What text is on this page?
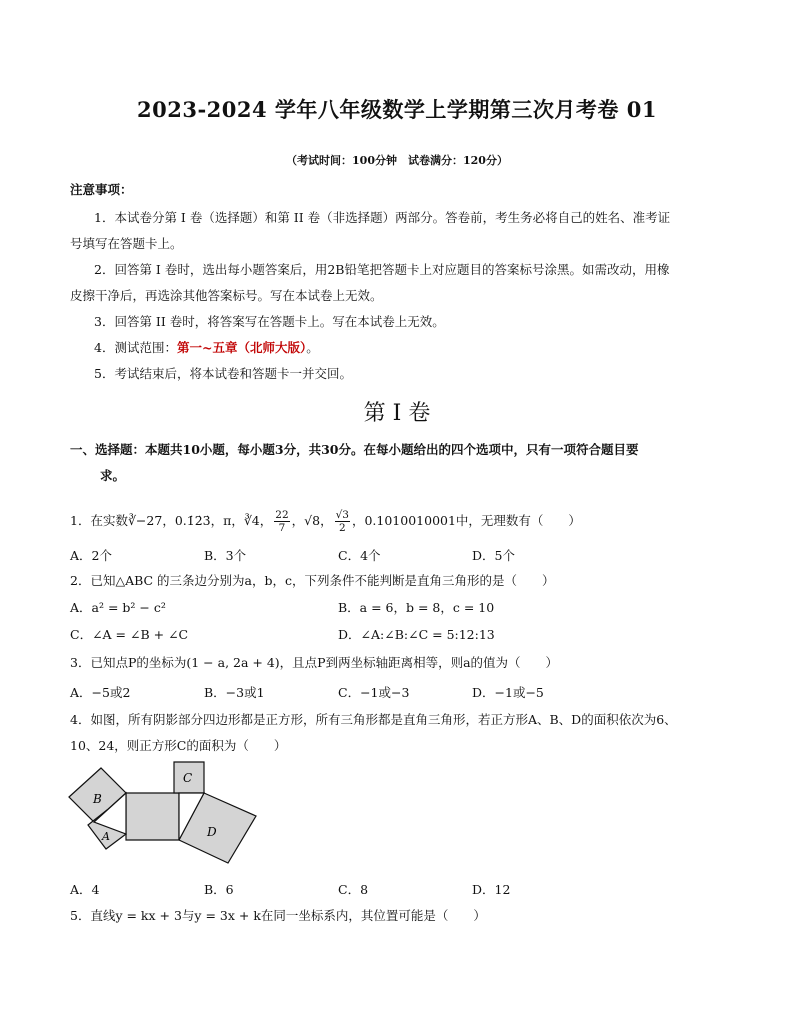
2023-2024 学年八年级数学上学期第三次月考卷 01
（考试时间：100分钟　试卷满分：120分）
注意事项：
1．本试卷分第 I 卷（选择题）和第 II 卷（非选择题）两部分。答卷前，考生务必将自己的姓名、准考证
号填写在答题卡上。
2．回答第 I 卷时，选出每小题答案后，用2B铅笔把答题卡上对应题目的答案标号涂黑。如需改动，用橡
皮擦干净后，再选涂其他答案标号。写在本试卷上无效。
3．回答第 II 卷时，将答案写在答题卡上。写在本试卷上无效。
4．测试范围：第一~五章（北师大版）。
5．考试结束后，将本试卷和答题卡一并交回。
第 I 卷
一、选择题：本题共10小题，每小题3分，共30分。在每小题给出的四个选项中，只有一项符合题目要
求。
1．在实数 ∛−27 ，0.1̇2̇3̇，π， ∛4 ， $\frac{22}{7}$ ， √8 ， $\frac{√3}{2}$ ，0.1010010001中，无理数有（　　）
A．2个	B．3个	C．4个	D．5个
2．已知△ABC 的三条边分别为a，b，c，下列条件不能判断是直角三角形的是（　　）
A．a² = b² − c²	B．a = 6，b = 8，c = 10
C．∠A = ∠B + ∠C	D．∠A:∠B:∠C = 5:12:13
3．已知点P的坐标为(1 − a, 2a + 4)，且点P到两坐标轴距离相等，则a的值为（　　）
A．−5或2	B．−3或1	C．−1或−3	D．−1或−5
4．如图，所有阴影部分四边形都是正方形，所有三角形都是直角三角形，若正方形A、B、D的面积依次为6、
10、24，则正方形C的面积为（　　）
B
A
C
D
A．4	B．6	C．8	D．12
5．直线y = kx + 3与y = 3x + k在同一坐标系内，其位置可能是（　　）
